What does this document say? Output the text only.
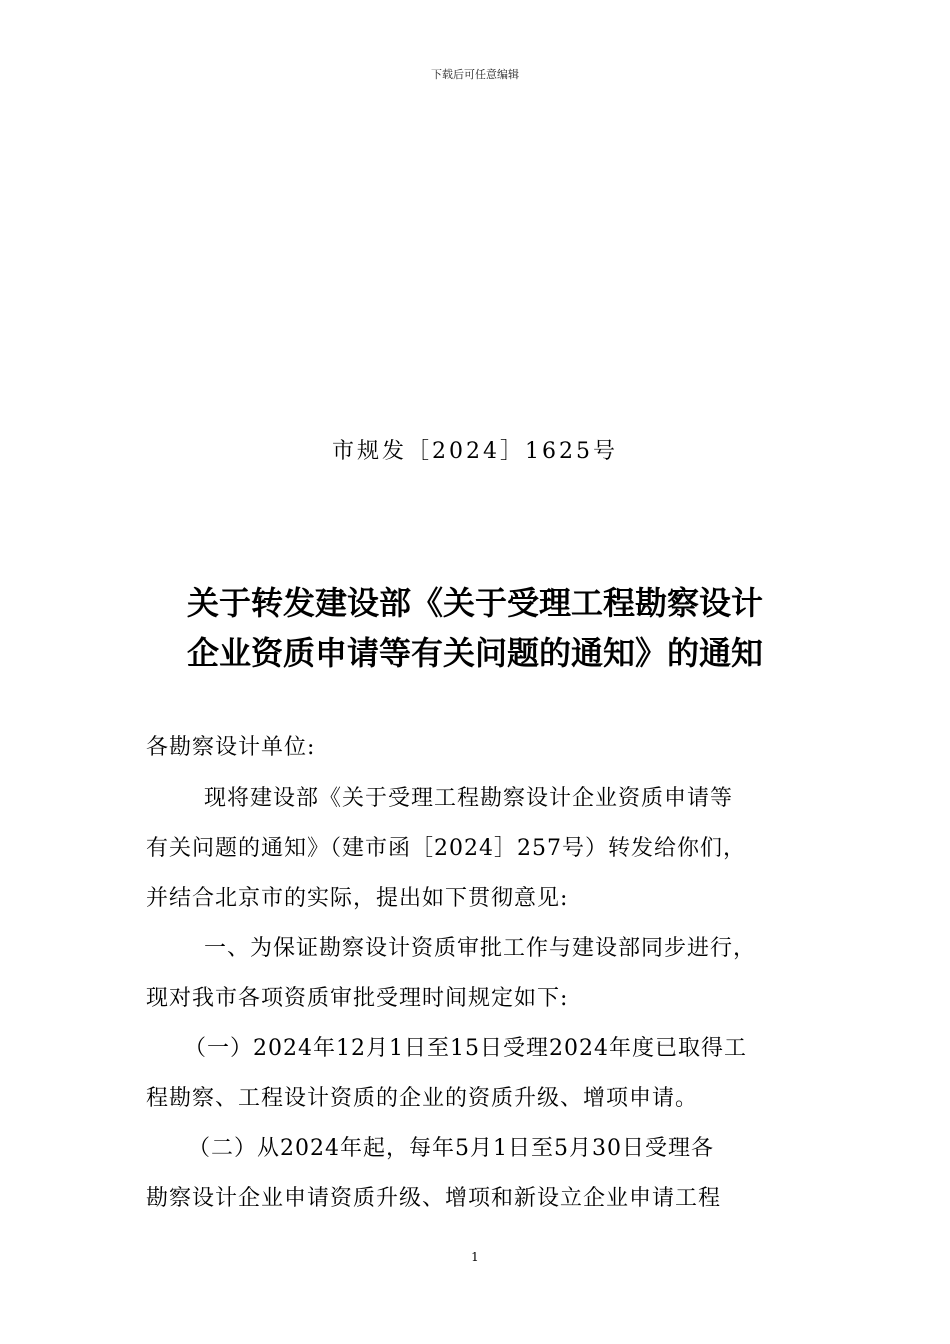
下载后可任意编辑
市规发［2024］1625号
关于转发建设部《关于受理工程勘察设计
企业资质申请等有关问题的通知》的通知
各勘察设计单位:
现将建设部《关于受理工程勘察设计企业资质申请等
有关问题的通知》（建市函［2024］257号）转发给你们，
并结合北京市的实际，提出如下贯彻意见:
一、为保证勘察设计资质审批工作与建设部同步进行，
现对我市各项资质审批受理时间规定如下:
（一）2024年12月1日至15日受理2024年度已取得工
程勘察、工程设计资质的企业的资质升级、增项申请。
（二）从2024年起，每年5月1日至5月30日受理各
勘察设计企业申请资质升级、增项和新设立企业申请工程
1
